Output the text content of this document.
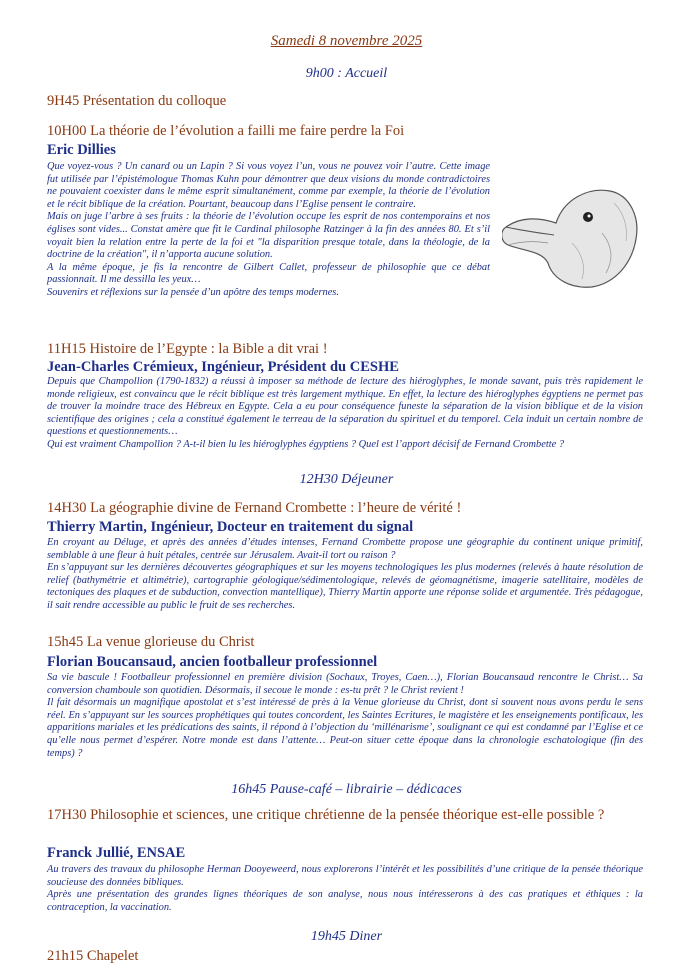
Samedi 8 novembre 2025
9h00 : Accueil
9H45 Présentation du colloque
10H00 La théorie de l’évolution a failli me faire perdre la Foi
Eric Dillies

Que voyez-vous ? Un canard ou un Lapin ? Si vous voyez l’un, vous ne pouvez voir l’autre. Cette image fut utilisée par l’épistémologue Thomas Kuhn pour démontrer que deux visions du monde contradictoires ne pouvaient coexister dans le même esprit simultanément, comme par exemple, la théorie de l’évolution et le récit biblique de la création. Pourtant, beaucoup dans l’Eglise pensent le contraire.

Mais on juge l’arbre à ses fruits : la théorie de l’évolution occupe les esprit de nos contemporains et nos églises sont vides... Constat amère que fit le Cardinal philosophe Ratzinger à la fin des années 80. Et s’il voyait bien la relation entre la perte de la foi et "la disparition presque totale, dans la théologie, de la doctrine de la création", il n’apporta aucune solution.

A la même époque, je fis la rencontre de Gilbert Callet, professeur de philosophie que ce débat passionnait. Il me dessilla les yeux…

Souvenirs et réflexions sur la pensée d’un apôtre des temps modernes.

11H15 Histoire de l’Egypte : la Bible a dit vrai !
Jean-Charles Crémieux, Ingénieur, Président du CESHE

Depuis que Champollion (1790-1832) a réussi à imposer sa méthode de lecture des hiéroglyphes, le monde savant, puis très rapidement le monde religieux, est convaincu que le récit biblique est très largement mythique. En effet, la lecture des hiéroglyphes égyptiens ne permet pas de trouver la moindre trace des Hébreux en Egypte. Cela a eu pour conséquence funeste la séparation de la vision biblique et de la vision scientifique des origines ; cela a constitué également le terreau de la séparation du spirituel et du temporel. Cela induit un certain nombre de questions et questionnements…

Qui est vraiment Champollion ? A-t-il bien lu les hiéroglyphes égyptiens ? Quel est l’apport décisif de Fernand Crombette ?

12H30 Déjeuner
14H30 La géographie divine de Fernand Crombette : l’heure de vérité !
Thierry Martin, Ingénieur, Docteur en traitement du signal

En croyant au Déluge, et après des années d’études intenses, Fernand Crombette propose une géographie du continent unique primitif, semblable à une fleur à huit pétales, centrée sur Jérusalem. Avait-il tort ou raison ?

En s’appuyant sur les dernières découvertes géographiques et sur les moyens technologiques les plus modernes (relevés à haute résolution de relief (bathymétrie et altimétrie), cartographie géologique/sédimentologique, relevés de géomagnétisme, imagerie satellitaire, modèles de tectoniques des plaques et de subduction, convection mantellique), Thierry Martin apporte une réponse solide et argumentée. Très pédagogue, il sait rendre accessible au public le fruit de ses recherches.

15h45 La venue glorieuse du Christ
Florian Boucansaud, ancien footballeur professionnel

Sa vie bascule ! Footballeur professionnel en première division (Sochaux, Troyes, Caen…), Florian Boucansaud rencontre le Christ… Sa conversion chamboule son quotidien. Désormais, il secoue le monde : es-tu prêt ? le Christ revient !

Il fait désormais un magnifique apostolat et s’est intéressé de près à la Venue glorieuse du Christ, dont si souvent nous avons perdu le sens réel. En s’appuyant sur les sources prophétiques qui toutes concordent, les Saintes Ecritures, le magistère et les enseignements pontificaux, les apparitions mariales et les prédications des saints, il répond à l’objection du ‘millénarisme’, soulignant ce qui est condamné par l’Eglise et ce qu’elle nous permet d’espérer. Notre monde est dans l’attente… Peut-on situer cette époque dans la chronologie eschatologique (fin des temps) ?

16h45 Pause-café – librairie – dédicaces
17H30 Philosophie et sciences, une critique chrétienne de la pensée théorique est-elle possible ?
Franck Jullié, ENSAE

Au travers des travaux du philosophe Herman Dooyeweerd, nous explorerons l’intérêt et les possibilités d’une critique de la pensée théorique soucieuse des données bibliques.

Après une présentation des grandes lignes théoriques de son analyse, nous nous intéresserons à des cas pratiques et éthiques : la contraception, la vaccination.

19h45 Diner
21h15 Chapelet
